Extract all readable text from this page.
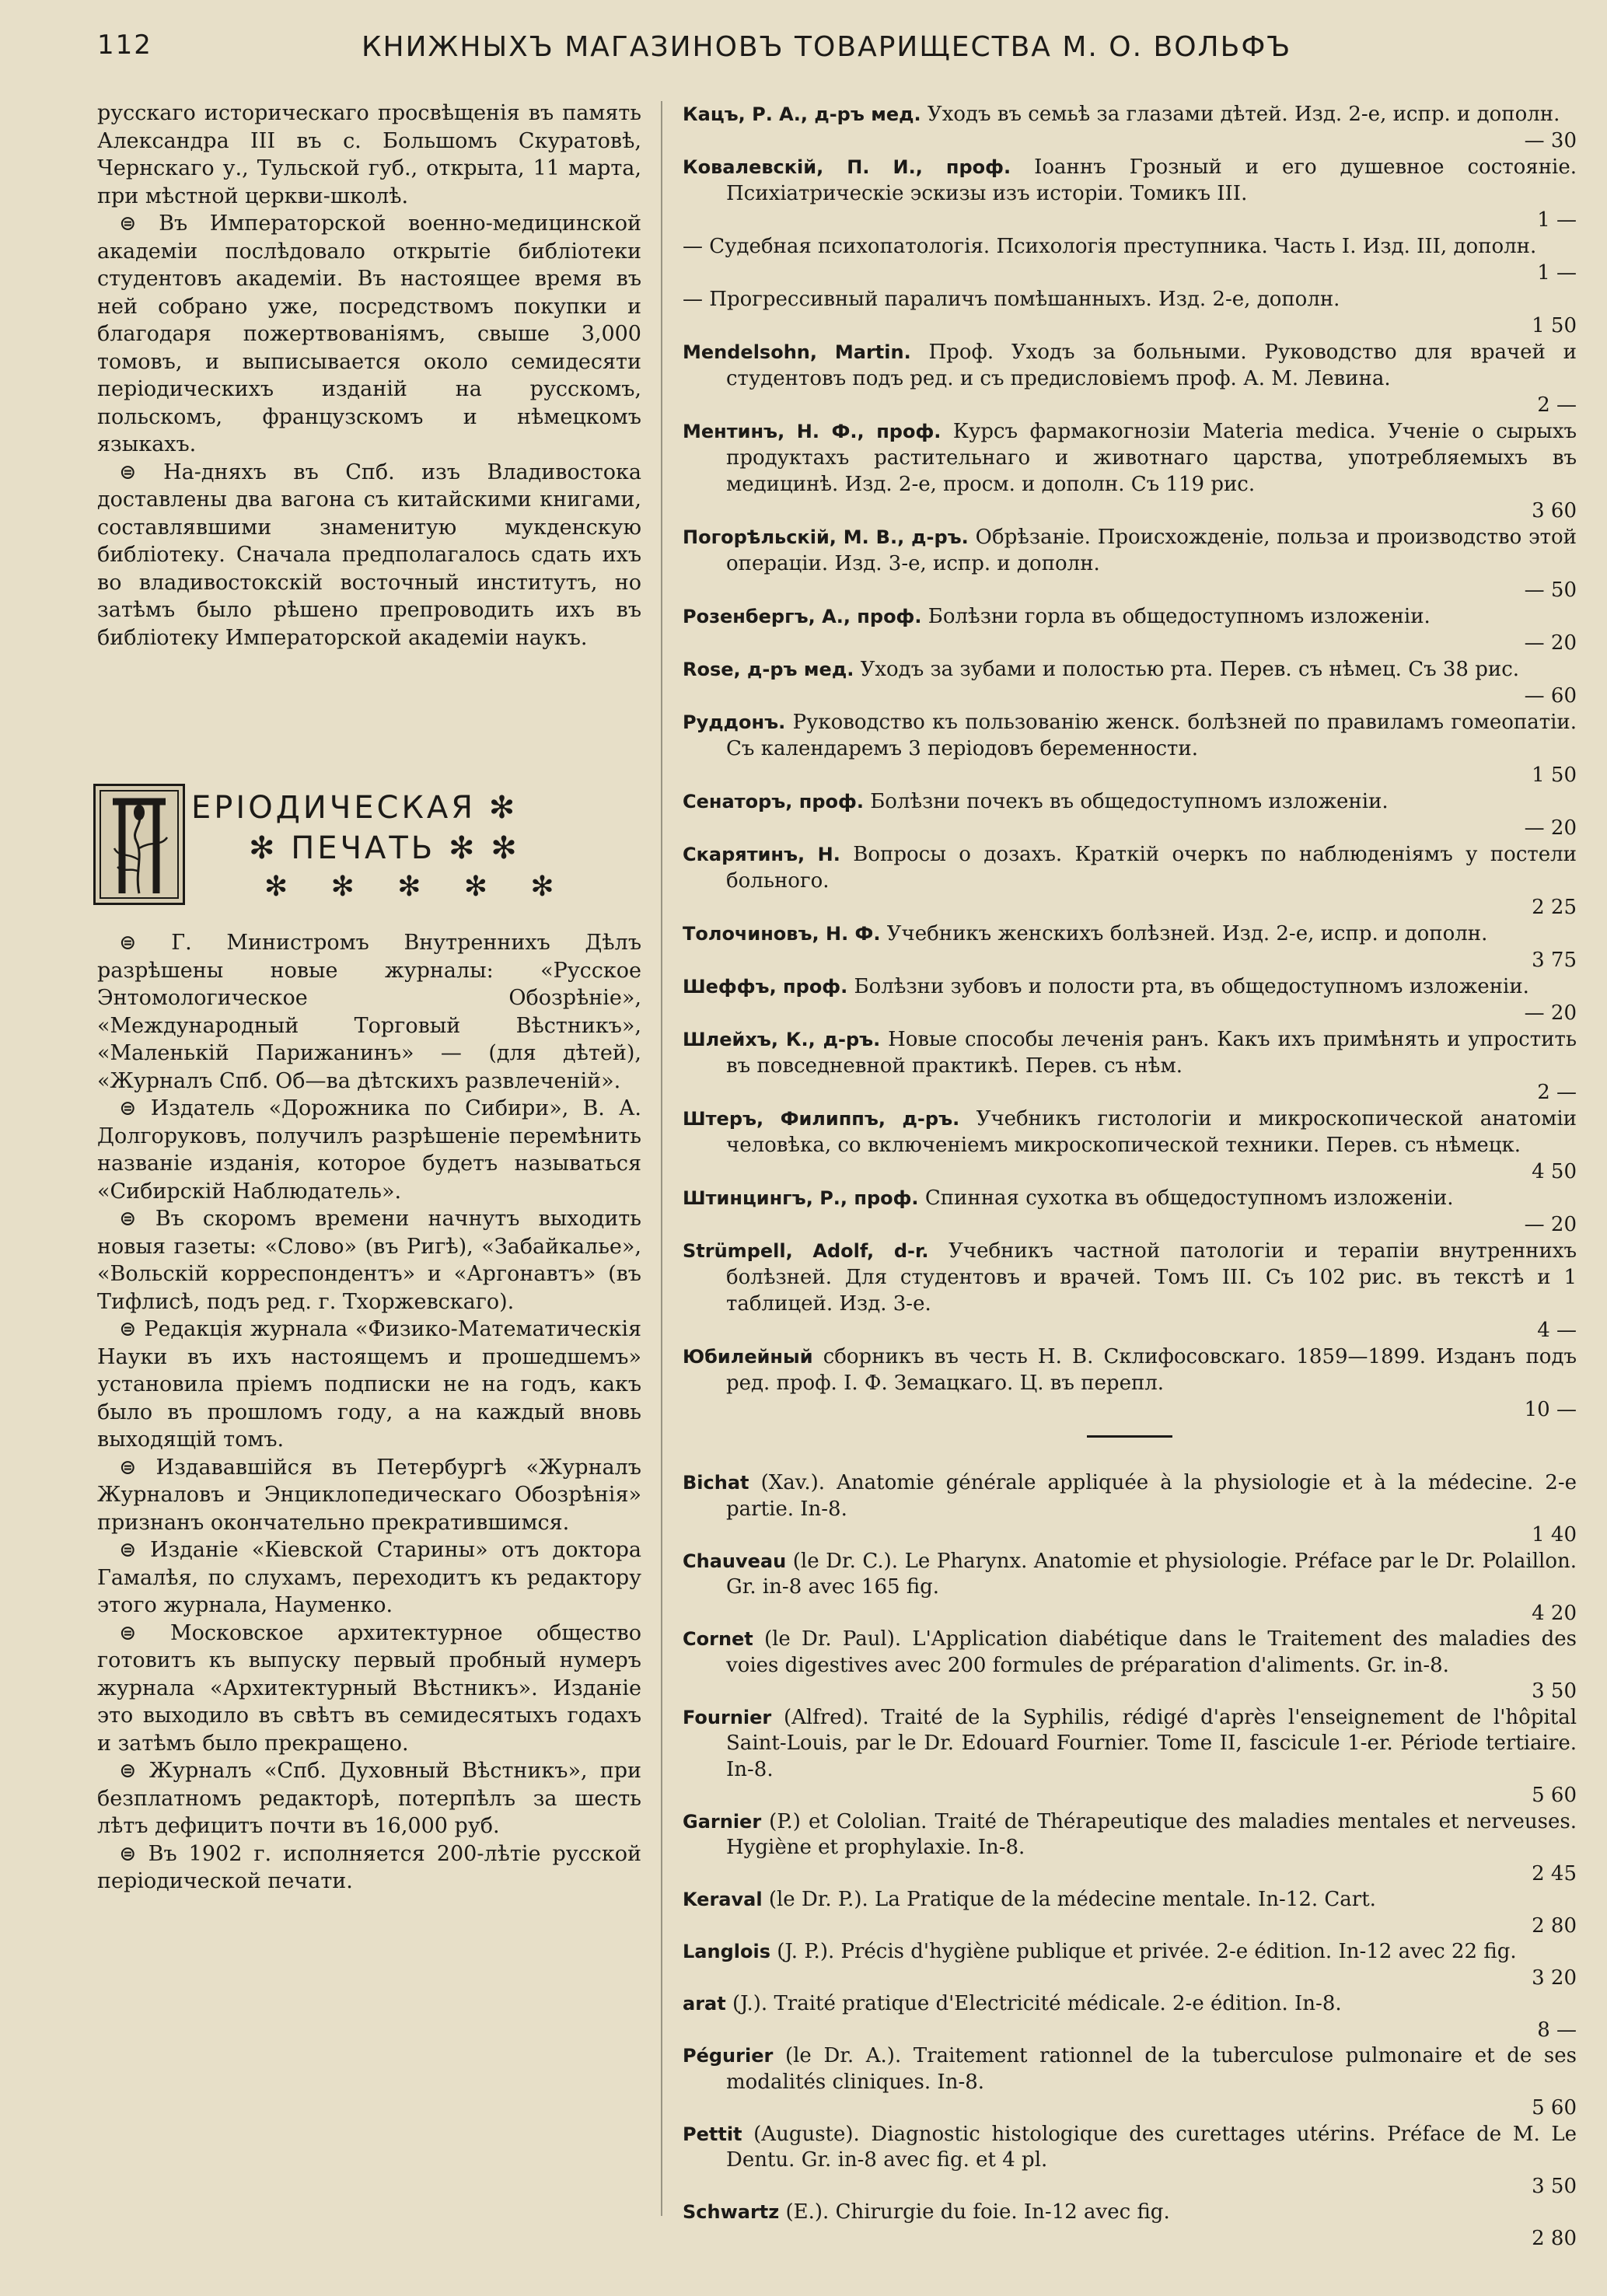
112	КНИЖНЫХЪ МАГАЗИНОВЪ ТОВАРИЩЕСТВА М. О. ВОЛЬФЪ

русскаго историческаго просвѣщенія въ память Александра III въ с. Большомъ Скуратовѣ, Чернскаго у., Тульской губ., открыта, 11 марта, при мѣстной церкви-школѣ.

⊜ Въ Императорской военно-медицинской академіи послѣдовало открытіе библіотеки студентовъ академіи. Въ настоящее время въ ней собрано уже, посредствомъ покупки и благодаря пожертвованіямъ, свыше 3,000 томовъ, и выписывается около семидесяти періодическихъ изданій на русскомъ, польскомъ, французскомъ и нѣмецкомъ языкахъ.

⊜ На-дняхъ въ Спб. изъ Владивостока доставлены два вагона съ китайскими книгами, составлявшими знаменитую мукденскую библіотеку. Сначала предполагалось сдать ихъ во владивостокскій восточный институтъ, но затѣмъ было рѣшено препроводить ихъ въ библіотеку Императорской академіи наукъ.

ЕРІОДИЧЕСКАЯ ✻
✻ ПЕЧАТЬ ✻ ✻
✻ ✻ ✻ ✻ ✻

⊜ Г. Министромъ Внутреннихъ Дѣлъ разрѣшены новые журналы: «Русское Энтомологическое Обозрѣніе», «Международный Торговый Вѣстникъ», «Маленькій Парижанинъ» — (для дѣтей), «Журналъ Спб. Об—ва дѣтскихъ развлеченій».

⊜ Издатель «Дорожника по Сибири», В. А. Долгоруковъ, получилъ разрѣшеніе перемѣнить названіе изданія, которое будетъ называться «Сибирскій Наблюдатель».

⊜ Въ скоромъ времени начнутъ выходить новыя газеты: «Слово» (въ Ригѣ), «Забайкалье», «Вольскій корреспондентъ» и «Аргонавтъ» (въ Тифлисѣ, подъ ред. г. Тхоржевскаго).

⊜ Редакція журнала «Физико-Математическія Науки въ ихъ настоящемъ и прошедшемъ» установила пріемъ подписки не на годъ, какъ было въ прошломъ году, а на каждый вновь выходящій томъ.

⊜ Издававшійся въ Петербургѣ «Журналъ Журналовъ и Энциклопедическаго Обозрѣнія» признанъ окончательно прекратившимся.

⊜ Изданіе «Кіевской Старины» отъ доктора Гамалѣя, по слухамъ, переходитъ къ редактору этого журнала, Науменко.

⊜ Московское архитектурное общество готовитъ къ выпуску первый пробный нумеръ журнала «Архитектурный Вѣстникъ». Изданіе это выходило въ свѣтъ въ семидесятыхъ годахъ и затѣмъ было прекращено.

⊜ Журналъ «Спб. Духовный Вѣстникъ», при безплатномъ редакторѣ, потерпѣлъ за шесть лѣтъ дефицитъ почти въ 16,000 руб.

⊜ Въ 1902 г. исполняется 200-лѣтіе русской періодической печати.

Кацъ, Р. А., д-ръ мед. Уходъ въ семьѣ за глазами дѣтей. Изд. 2-е, испр. и дополн.
— 30

Ковалевскій, П. И., проф. Іоаннъ Грозный и его душевное состояніе. Психіатрическіе эскизы изъ исторіи. Томикъ III.
1 —

— Судебная психопатологія. Психологія преступника. Часть I. Изд. III, дополн.
1 —

— Прогрессивный параличъ помѣшанныхъ. Изд. 2-е, дополн.
1 50

Mendelsohn, Martin. Проф. Уходъ за больными. Руководство для врачей и студентовъ подъ ред. и съ предисловіемъ проф. А. М. Левина.
2 —

Ментинъ, Н. Ф., проф. Курсъ фармакогнозіи Materia medica. Ученіе о сырыхъ продуктахъ растительнаго и животнаго царства, употребляемыхъ въ медицинѣ. Изд. 2-е, просм. и дополн. Съ 119 рис.
3 60

Погорѣльскій, М. В., д-ръ. Обрѣзаніе. Происхожденіе, польза и производство этой операціи. Изд. 3-е, испр. и дополн.
— 50

Розенбергъ, А., проф. Болѣзни горла въ общедоступномъ изложеніи.
— 20

Rose, д-ръ мед. Уходъ за зубами и полостью рта. Перев. съ нѣмец. Съ 38 рис.
— 60

Руддонъ. Руководство къ пользованію женск. болѣзней по правиламъ гомеопатіи. Съ календаремъ 3 періодовъ беременности.
1 50

Сенаторъ, проф. Болѣзни почекъ въ общедоступномъ изложеніи.
— 20

Скарятинъ, Н. Вопросы о дозахъ. Краткій очеркъ по наблюденіямъ у постели больного.
2 25

Толочиновъ, Н. Ф. Учебникъ женскихъ болѣзней. Изд. 2-е, испр. и дополн.
3 75

Шеффъ, проф. Болѣзни зубовъ и полости рта, въ общедоступномъ изложеніи.
— 20

Шлейхъ, К., д-ръ. Новые способы леченія ранъ. Какъ ихъ примѣнять и упростить въ повседневной практикѣ. Перев. съ нѣм.
2 —

Штеръ, Филиппъ, д-ръ. Учебникъ гистологіи и микроскопической анатоміи человѣка, со включеніемъ микроскопической техники. Перев. съ нѣмецк.
4 50

Штинцингъ, Р., проф. Спинная сухотка въ общедоступномъ изложеніи.
— 20

Strümpell, Adolf, d-r. Учебникъ частной патологіи и терапіи внутреннихъ болѣзней. Для студентовъ и врачей. Томъ III. Съ 102 рис. въ текстѣ и 1 таблицей. Изд. 3-е.
4 —

Юбилейный сборникъ въ честь Н. В. Склифосовскаго. 1859—1899. Изданъ подъ ред. проф. І. Ф. Земацкаго. Ц. въ перепл.
10 —

Bichat (Xav.). Anatomie générale appliquée à la physiologie et à la médecine. 2-e partie. In-8.
1 40

Chauveau (le Dr. C.). Le Pharynx. Anatomie et physiologie. Préface par le Dr. Polaillon. Gr. in-8 avec 165 fig.
4 20

Cornet (le Dr. Paul). L'Application diabétique dans le Traitement des maladies des voies digestives avec 200 formules de préparation d'aliments. Gr. in-8.
3 50

Fournier (Alfred). Traité de la Syphilis, rédigé d'après l'enseignement de l'hôpital Saint-Louis, par le Dr. Edouard Fournier. Tome II, fascicule 1-er. Période tertiaire. In-8.
5 60

Garnier (P.) et Cololian. Traité de Thérapeutique des maladies mentales et nerveuses. Hygiène et prophylaxie. In-8.
2 45

Keraval (le Dr. P.). La Pratique de la médecine mentale. In-12. Cart.
2 80

Langlois (J. P.). Précis d'hygiène publique et privée. 2-e édition. In-12 avec 22 fig.
3 20

arat (J.). Traité pratique d'Electricité médicale. 2-e édition. In-8.
8 —

Pégurier (le Dr. A.). Traitement rationnel de la tuberculose pulmonaire et de ses modalités cliniques. In-8.
5 60

Pettit (Auguste). Diagnostic histologique des curettages utérins. Préface de M. Le Dentu. Gr. in-8 avec fig. et 4 pl.
3 50

Schwartz (E.). Chirurgie du foie. In-12 avec fig.
2 80
